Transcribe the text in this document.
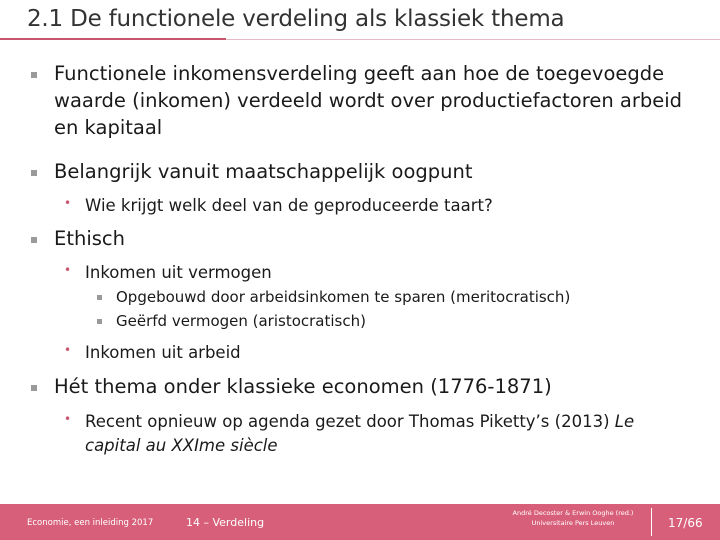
2.1 De functionele verdeling als klassiek thema
Functionele inkomensverdeling geeft aan hoe de toegevoegde waarde (inkomen) verdeeld wordt over productiefactoren arbeid en kapitaal
Belangrijk vanuit maatschappelijk oogpunt
• Wie krijgt welk deel van de geproduceerde taart?
Ethisch
• Inkomen uit vermogen
Opgebouwd door arbeidsinkomen te sparen (meritocratisch)
Geërfd vermogen (aristocratisch)
• Inkomen uit arbeid
Hét thema onder klassieke economen (1776-1871)
• Recent opnieuw op agenda gezet door Thomas Piketty’s (2013) Le capital au XXIme siècle
Economie, een inleiding 2017	14 – Verdeling
André Decoster & Erwin Ooghe (red.)
Universitaire Pers Leuven	17/66
